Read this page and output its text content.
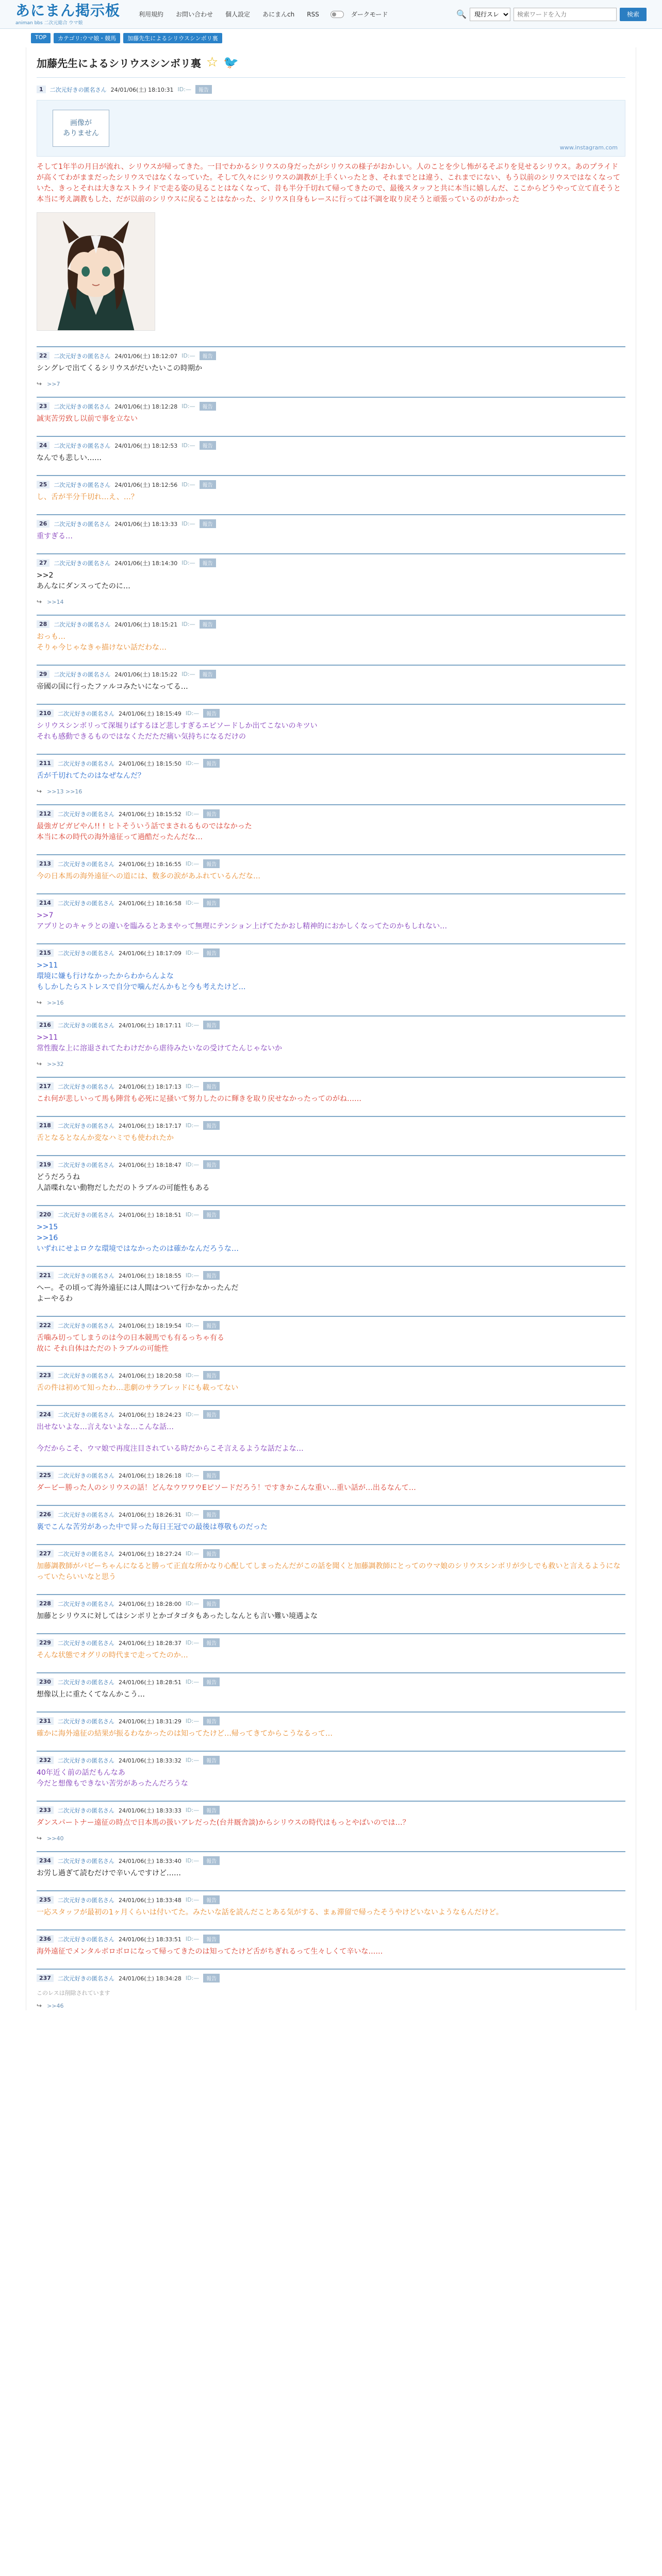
あにまん掲示板
animan bbs 二次元総合 ウマ娘
利用規約	お問い合わせ	個人設定	あにまんch	RSS	ダークモード	🔍
現行スレ
検索ワードを入力	検索
TOP	カテゴリ:ウマ娘・競馬	加藤先生によるシリウスシンボリ裏
加藤先生によるシリウスシンボリ裏 ☆ 🐦
1	二次元好きの匿名さん 24/01/06(土) 18:10:31 ID:—	報告
画像が
ありません
www.instagram.com

そして1年半の月日が流れ、シリウスが帰ってきた。一目でわかるシリウスの身だったがシリウスの様子がおかしい。人のことを少し怖がるそぶりを見せるシリウス。あのプライドが高くてわがままだったシリウスではなくなっていた。そして久々にシリウスの調教が上手くいったとき、それまでとは違う、これまでにない、もう以前のシリウスではなくなっていた、きっとそれは大きなストライドで走る姿の見ることはなくなって、昔も半分千切れて帰ってきたので、最後スタッフと共に本当に嬉しんだ、ここからどうやって立て直そうと本当に考え調教もした、だが以前のシリウスに戻ることはなかった、シリウス自身もレースに行っては不調を取り戻そうと頑張っているのがわかった

22	二次元好きの匿名さん 24/01/06(土) 18:12:07 ID:—	報告

シングレで出てくるシリウスがだいたいこの時期か

↪ >>7
23	二次元好きの匿名さん 24/01/06(土) 18:12:28 ID:—	報告

誠実苦労致し以前で事を立ない

24	二次元好きの匿名さん 24/01/06(土) 18:12:53 ID:—	報告

なんでも悲しい……

25	二次元好きの匿名さん 24/01/06(土) 18:12:56 ID:—	報告

し、舌が半分千切れ…え、…？

26	二次元好きの匿名さん 24/01/06(土) 18:13:33 ID:—	報告

重すぎる…

27	二次元好きの匿名さん 24/01/06(土) 18:14:30 ID:—	報告

>>2
あんなにダンスってたのに…

↪ >>14
28	二次元好きの匿名さん 24/01/06(土) 18:15:21 ID:—	報告

おっも…
そりゃ今じゃなきゃ描けない話だわな…

29	二次元好きの匿名さん 24/01/06(土) 18:15:22 ID:—	報告

帝國の国に行ったファルコみたいになってる…

210	二次元好きの匿名さん 24/01/06(土) 18:15:49 ID:—	報告

シリウスシンボリって深堀りばするほど悲しすぎるエピソードしか出てこないのキツい
それも感動できるものではなくただただ痛い気持ちになるだけの

211	二次元好きの匿名さん 24/01/06(土) 18:15:50 ID:—	報告

舌が千切れてたのはなぜなんだ？

↪ >>13 >>16
212	二次元好きの匿名さん 24/01/06(土) 18:15:52 ID:—	報告

最強ガビガビやん!! ! ヒトそういう話でまされるものではなかった
本当に本の時代の海外遠征って過酷だったんだな…

213	二次元好きの匿名さん 24/01/06(土) 18:16:55 ID:—	報告

今の日本馬の海外遠征への道には、数多の涙があふれているんだな…

214	二次元好きの匿名さん 24/01/06(土) 18:16:58 ID:—	報告

>>7
アプリとのキャラとの違いを臨みるとあまやって無理にテンション上げてたかおし精神的におかしくなってたのかもしれない…

215	二次元好きの匿名さん 24/01/06(土) 18:17:09 ID:—	報告

>>11
環境に嫌も行けなかったからわからんよな
もしかしたらストレスで自分で噛んだんかもと今も考えたけど…

↪ >>16
216	二次元好きの匿名さん 24/01/06(土) 18:17:11 ID:—	報告

>>11
常性腹な上に溶退されてたわけだから虐待みたいなの受けてたんじゃないか

↪ >>32
217	二次元好きの匿名さん 24/01/06(土) 18:17:13 ID:—	報告

これ何が悲しいって馬も陣営も必死に足掻いて努力したのに輝きを取り戻せなかったってのがね……

218	二次元好きの匿名さん 24/01/06(土) 18:17:17 ID:—	報告

舌となるとなんか変なハミでも使われたか

219	二次元好きの匿名さん 24/01/06(土) 18:18:47 ID:—	報告

どうだろうね
人語喋れない動物だしただのトラブルの可能性もある

220	二次元好きの匿名さん 24/01/06(土) 18:18:51 ID:—	報告

>>15
>>16
いずれにせよロクな環境ではなかったのは確かなんだろうな…

221	二次元好きの匿名さん 24/01/06(土) 18:18:55 ID:—	報告

へー。その頃って海外遠征には人間はついて行かなかったんだ
よーやるわ

222	二次元好きの匿名さん 24/01/06(土) 18:19:54 ID:—	報告

舌噛み切ってしまうのは今の日本競馬でも有るっちゃ有る
故に それ自体はただのトラブルの可能性

223	二次元好きの匿名さん 24/01/06(土) 18:20:58 ID:—	報告

舌の件は初めて知ったわ…悲劇のサラブレッドにも載ってない

224	二次元好きの匿名さん 24/01/06(土) 18:24:23 ID:—	報告

出せないよな…言えないよな…こんな話…

今だからこそ、ウマ娘で再度注目されている時だからこそ言えるような話だよな…

225	二次元好きの匿名さん 24/01/06(土) 18:26:18 ID:—	報告

ダービー勝った人のシリウスの話！どんなウワワウEピソードだろう！ですきかこんな重い…重い話が…出るなんて…

226	二次元好きの匿名さん 24/01/06(土) 18:26:31 ID:—	報告

裏でこんな苦労があった中で昇った毎日王冠での最後は尊敬ものだった

227	二次元好きの匿名さん 24/01/06(土) 18:27:24 ID:—	報告

加藤調教師がパビーちゃんになると勝って正直な所かなり心配してしまったんだがこの話を聞くと加藤調教師にとってのウマ娘のシリウスシンボリが少しでも救いと言えるようになっていたらいいなと思う

228	二次元好きの匿名さん 24/01/06(土) 18:28:00 ID:—	報告

加藤とシリウスに対してはシンボリとかゴタゴタもあったしなんとも言い難い境遇よな

229	二次元好きの匿名さん 24/01/06(土) 18:28:37 ID:—	報告

そんな状態でオグリの時代まで走ってたのか…

230	二次元好きの匿名さん 24/01/06(土) 18:28:51 ID:—	報告

想像以上に重たくてなんかこう…

231	二次元好きの匿名さん 24/01/06(土) 18:31:29 ID:—	報告

確かに海外遠征の結果が振るわなかったのは知ってたけど…帰ってきてからこうなるって…

232	二次元好きの匿名さん 24/01/06(土) 18:33:32 ID:—	報告

40年近く前の話だもんなあ
今だと想像もできない苦労があったんだろうな

233	二次元好きの匿名さん 24/01/06(土) 18:33:33 ID:—	報告

ダンスパートナー遠征の時点で日本馬の扱いアレだった(台井厩舎談)からシリウスの時代はもっとやばいのでは…？

↪ >>40
234	二次元好きの匿名さん 24/01/06(土) 18:33:40 ID:—	報告

お労し過ぎて読むだけで辛いんですけど……

235	二次元好きの匿名さん 24/01/06(土) 18:33:48 ID:—	報告

一応スタッフが最初の1ヶ月くらいは付いてた。みたいな話を読んだことある気がする、まぁ滞留で帰ったそうやけどいないようなもんだけど。

236	二次元好きの匿名さん 24/01/06(土) 18:33:51 ID:—	報告

海外遠征でメンタルボロボロになって帰ってきたのは知ってたけど舌がちぎれるって生々しくて辛いな……

237	二次元好きの匿名さん 24/01/06(土) 18:34:28 ID:—	報告

このレスは削除されています

↪ >>46
